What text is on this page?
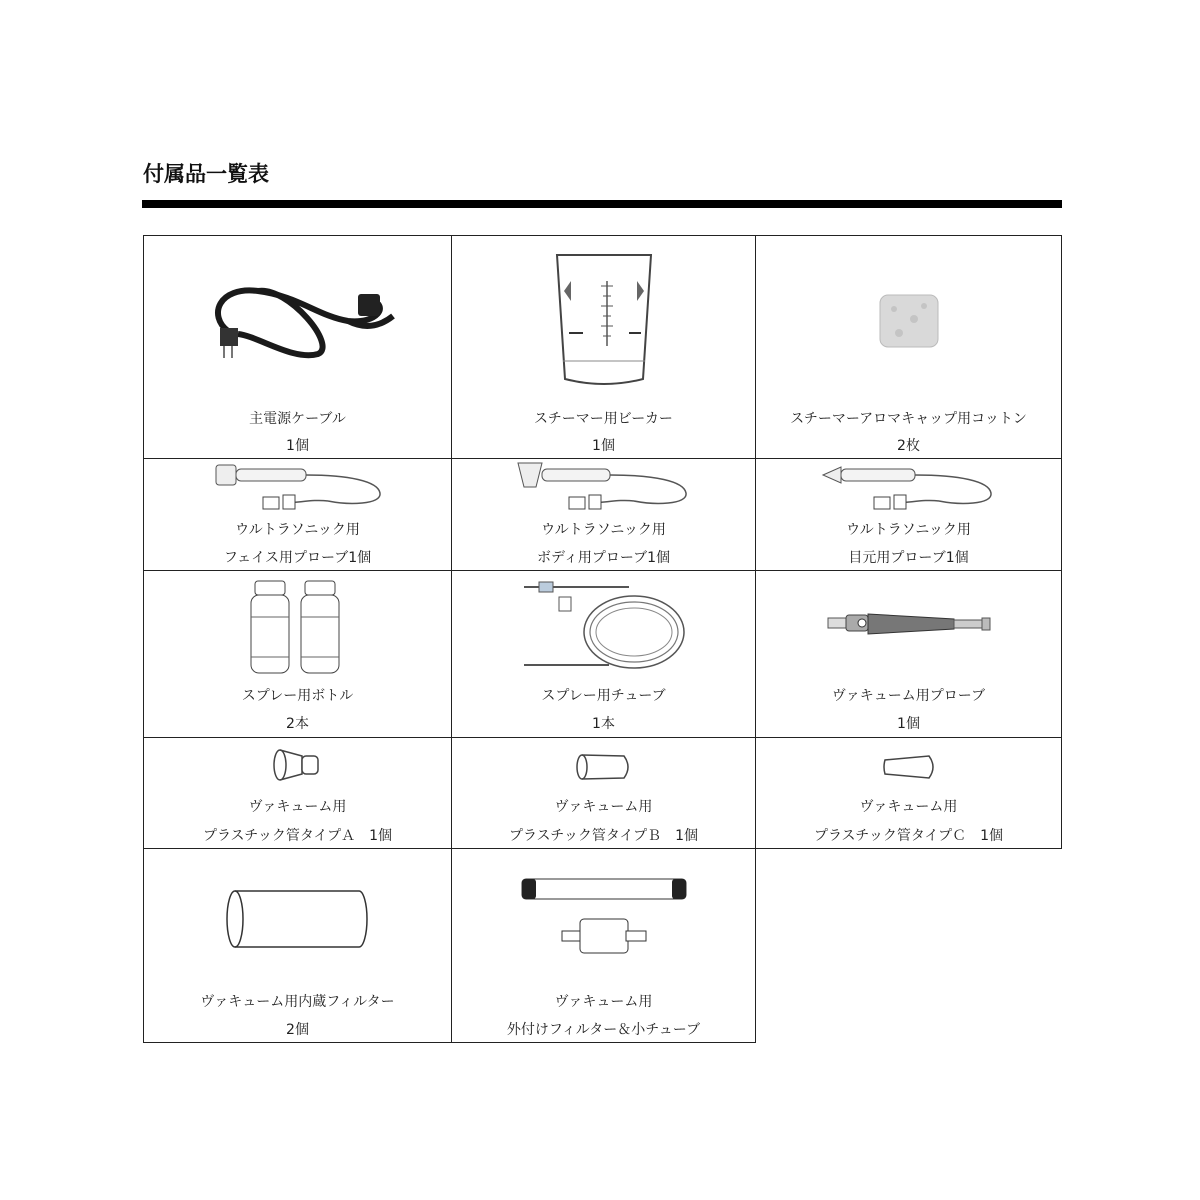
付属品一覧表
主電源ケーブル
1個
スチーマー用ビーカー
1個
スチーマーアロマキャップ用コットン
2枚
ウルトラソニック用
フェイス用プローブ1個
ウルトラソニック用
ボディ用プローブ1個
ウルトラソニック用
目元用プローブ1個
スプレー用ボトル
2本
スプレー用チューブ
1本
ヴァキューム用プローブ
1個
ヴァキューム用
プラスチック管タイプＡ　1個
ヴァキューム用
プラスチック管タイプＢ　1個
ヴァキューム用
プラスチック管タイプＣ　1個
ヴァキューム用内蔵フィルター
2個
ヴァキューム用
外付けフィルター＆小チューブ
